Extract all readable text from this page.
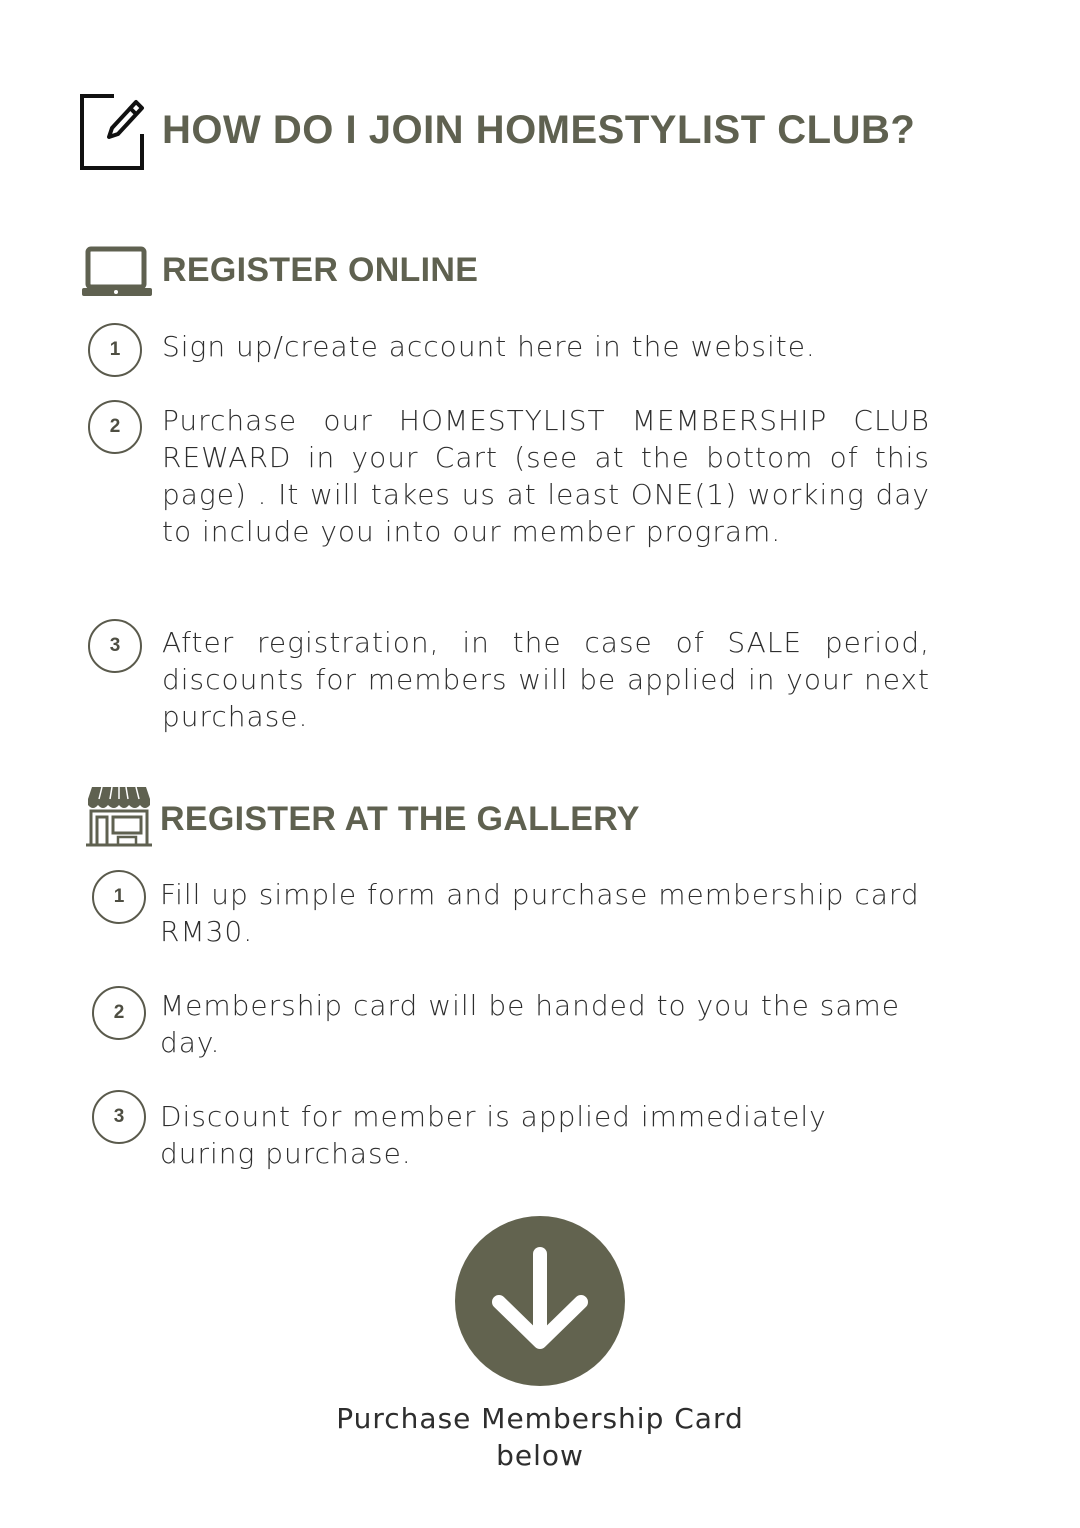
HOW DO I JOIN HOMESTYLIST CLUB?
REGISTER ONLINE
1	Sign up/create account here in the website.
2	Purchase our HOMESTYLIST MEMBERSHIP CLUB REWARD in your Cart (see at the bottom of this page) . It will takes us at least ONE(1) working day to include you into our member program.
3	After registration, in the case of SALE period, discounts for members will be applied in your next purchase.
REGISTER AT THE GALLERY
1	Fill up simple form and purchase membership card RM30.
2	Membership card will be handed to you the same day.
3	Discount for member is applied immediately during purchase.
Purchase Membership Card
below
